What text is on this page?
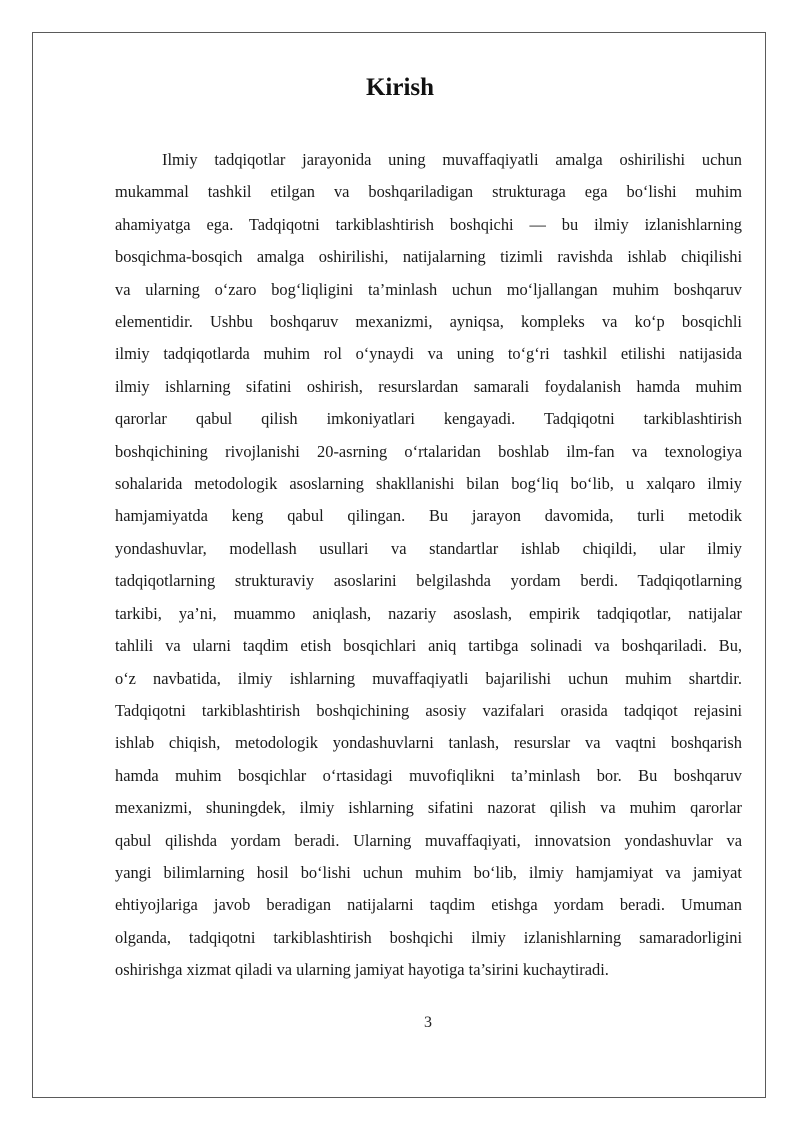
Kirish

Ilmiy tadqiqotlar jarayonida uning muvaffaqiyatli amalga oshirilishi uchun
mukammal tashkil etilgan va boshqariladigan strukturaga ega bo‘lishi muhim
ahamiyatga ega. Tadqiqotni tarkiblashtirish boshqichi — bu ilmiy izlanishlarning
bosqichma-bosqich amalga oshirilishi, natijalarning tizimli ravishda ishlab chiqilishi
va ularning o‘zaro bog‘liqligini ta’minlash uchun mo‘ljallangan muhim boshqaruv
elementidir. Ushbu boshqaruv mexanizmi, ayniqsa, kompleks va ko‘p bosqichli
ilmiy tadqiqotlarda muhim rol o‘ynaydi va uning to‘g‘ri tashkil etilishi natijasida
ilmiy ishlarning sifatini oshirish, resurslardan samarali foydalanish hamda muhim
qarorlar qabul qilish imkoniyatlari kengayadi. Tadqiqotni tarkiblashtirish
boshqichining rivojlanishi 20-asrning o‘rtalaridan boshlab ilm-fan va texnologiya
sohalarida metodologik asoslarning shakllanishi bilan bog‘liq bo‘lib, u xalqaro ilmiy
hamjamiyatda keng qabul qilingan. Bu jarayon davomida, turli metodik
yondashuvlar, modellash usullari va standartlar ishlab chiqildi, ular ilmiy
tadqiqotlarning strukturaviy asoslarini belgilashda yordam berdi. Tadqiqotlarning
tarkibi, ya’ni, muammo aniqlash, nazariy asoslash, empirik tadqiqotlar, natijalar
tahlili va ularni taqdim etish bosqichlari aniq tartibga solinadi va boshqariladi. Bu,
o‘z navbatida, ilmiy ishlarning muvaffaqiyatli bajarilishi uchun muhim shartdir.
Tadqiqotni tarkiblashtirish boshqichining asosiy vazifalari orasida tadqiqot rejasini
ishlab chiqish, metodologik yondashuvlarni tanlash, resurslar va vaqtni boshqarish
hamda muhim bosqichlar o‘rtasidagi muvofiqlikni ta’minlash bor. Bu boshqaruv
mexanizmi, shuningdek, ilmiy ishlarning sifatini nazorat qilish va muhim qarorlar
qabul qilishda yordam beradi. Ularning muvaffaqiyati, innovatsion yondashuvlar va
yangi bilimlarning hosil bo‘lishi uchun muhim bo‘lib, ilmiy hamjamiyat va jamiyat
ehtiyojlariga javob beradigan natijalarni taqdim etishga yordam beradi. Umuman
olganda, tadqiqotni tarkiblashtirish boshqichi ilmiy izlanishlarning samaradorligini
oshirishga xizmat qiladi va ularning jamiyat hayotiga ta’sirini kuchaytiradi.

3
